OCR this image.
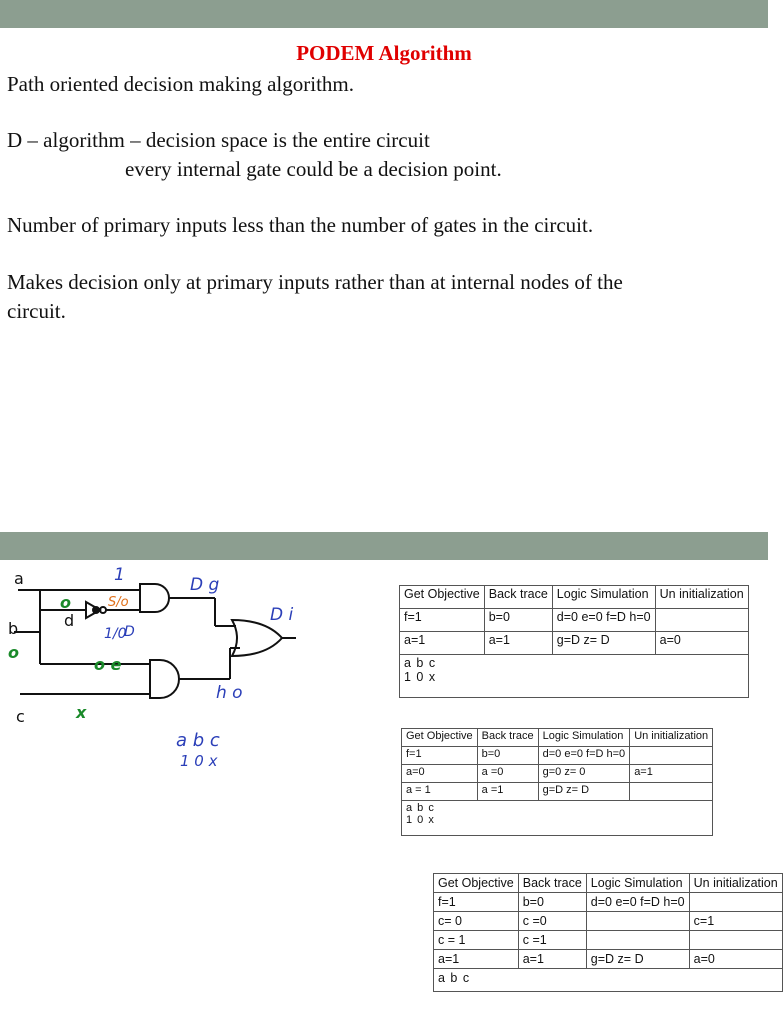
PODEM Algorithm
Path oriented decision making algorithm.
D – algorithm – decision space is the entire circuit
every internal gate could be a decision point.
Number of primary inputs less than the number of gates in the circuit.
Makes decision only at primary inputs rather than at internal nodes of the
circuit.
a
b
c
d
1	D g
D i
1/0
D
h o
a b c
1 0 x
o
o
o e
x
S/o
Get Objective	Back trace	Logic Simulation	Un initialization
f=1	b=0	d=0 e=0 f=D h=0	
a=1	a=1	g=D z= D	a=0

a b c
1 0 x			
Get Objective	Back trace	Logic Simulation	Un initialization
f=1	b=0	d=0 e=0 f=D h=0	
a=0	a =0	g=0 z= 0	a=1
a = 1	a =1	g=D z= D	

a b c
1 0 x			
Get Objective	Back trace	Logic Simulation	Un initialization
f=1	b=0	d=0 e=0 f=D h=0	
c= 0	c =0		c=1
c = 1	c =1		
a=1	a=1	g=D z= D	a=0

a b c			
